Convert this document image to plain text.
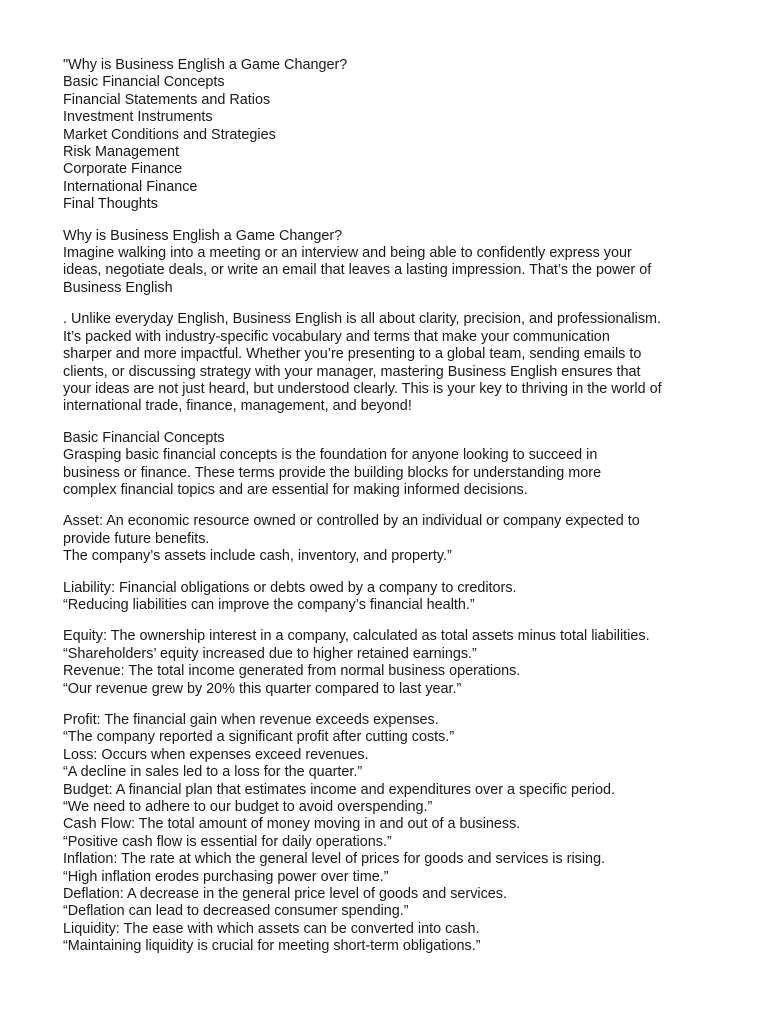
"Why is Business English a Game Changer?
Basic Financial Concepts
Financial Statements and Ratios
Investment Instruments
Market Conditions and Strategies
Risk Management
Corporate Finance
International Finance
Final Thoughts
Why is Business English a Game Changer?
Imagine walking into a meeting or an interview and being able to confidently express your
ideas, negotiate deals, or write an email that leaves a lasting impression. That’s the power of
Business English
. Unlike everyday English, Business English is all about clarity, precision, and professionalism.
It’s packed with industry-specific vocabulary and terms that make your communication
sharper and more impactful. Whether you’re presenting to a global team, sending emails to
clients, or discussing strategy with your manager, mastering Business English ensures that
your ideas are not just heard, but understood clearly. This is your key to thriving in the world of
international trade, finance, management, and beyond!
Basic Financial Concepts
Grasping basic financial concepts is the foundation for anyone looking to succeed in
business or finance. These terms provide the building blocks for understanding more
complex financial topics and are essential for making informed decisions.
Asset: An economic resource owned or controlled by an individual or company expected to
provide future benefits.
The company’s assets include cash, inventory, and property.”
Liability: Financial obligations or debts owed by a company to creditors.
“Reducing liabilities can improve the company’s financial health.”
Equity: The ownership interest in a company, calculated as total assets minus total liabilities.
“Shareholders’ equity increased due to higher retained earnings.”
Revenue: The total income generated from normal business operations.
“Our revenue grew by 20% this quarter compared to last year.”
Profit: The financial gain when revenue exceeds expenses.
“The company reported a significant profit after cutting costs.”
Loss: Occurs when expenses exceed revenues.
“A decline in sales led to a loss for the quarter.”
Budget: A financial plan that estimates income and expenditures over a specific period.
“We need to adhere to our budget to avoid overspending.”
Cash Flow: The total amount of money moving in and out of a business.
“Positive cash flow is essential for daily operations.”
Inflation: The rate at which the general level of prices for goods and services is rising.
“High inflation erodes purchasing power over time.”
Deflation: A decrease in the general price level of goods and services.
“Deflation can lead to decreased consumer spending.”
Liquidity: The ease with which assets can be converted into cash.
“Maintaining liquidity is crucial for meeting short-term obligations.”
